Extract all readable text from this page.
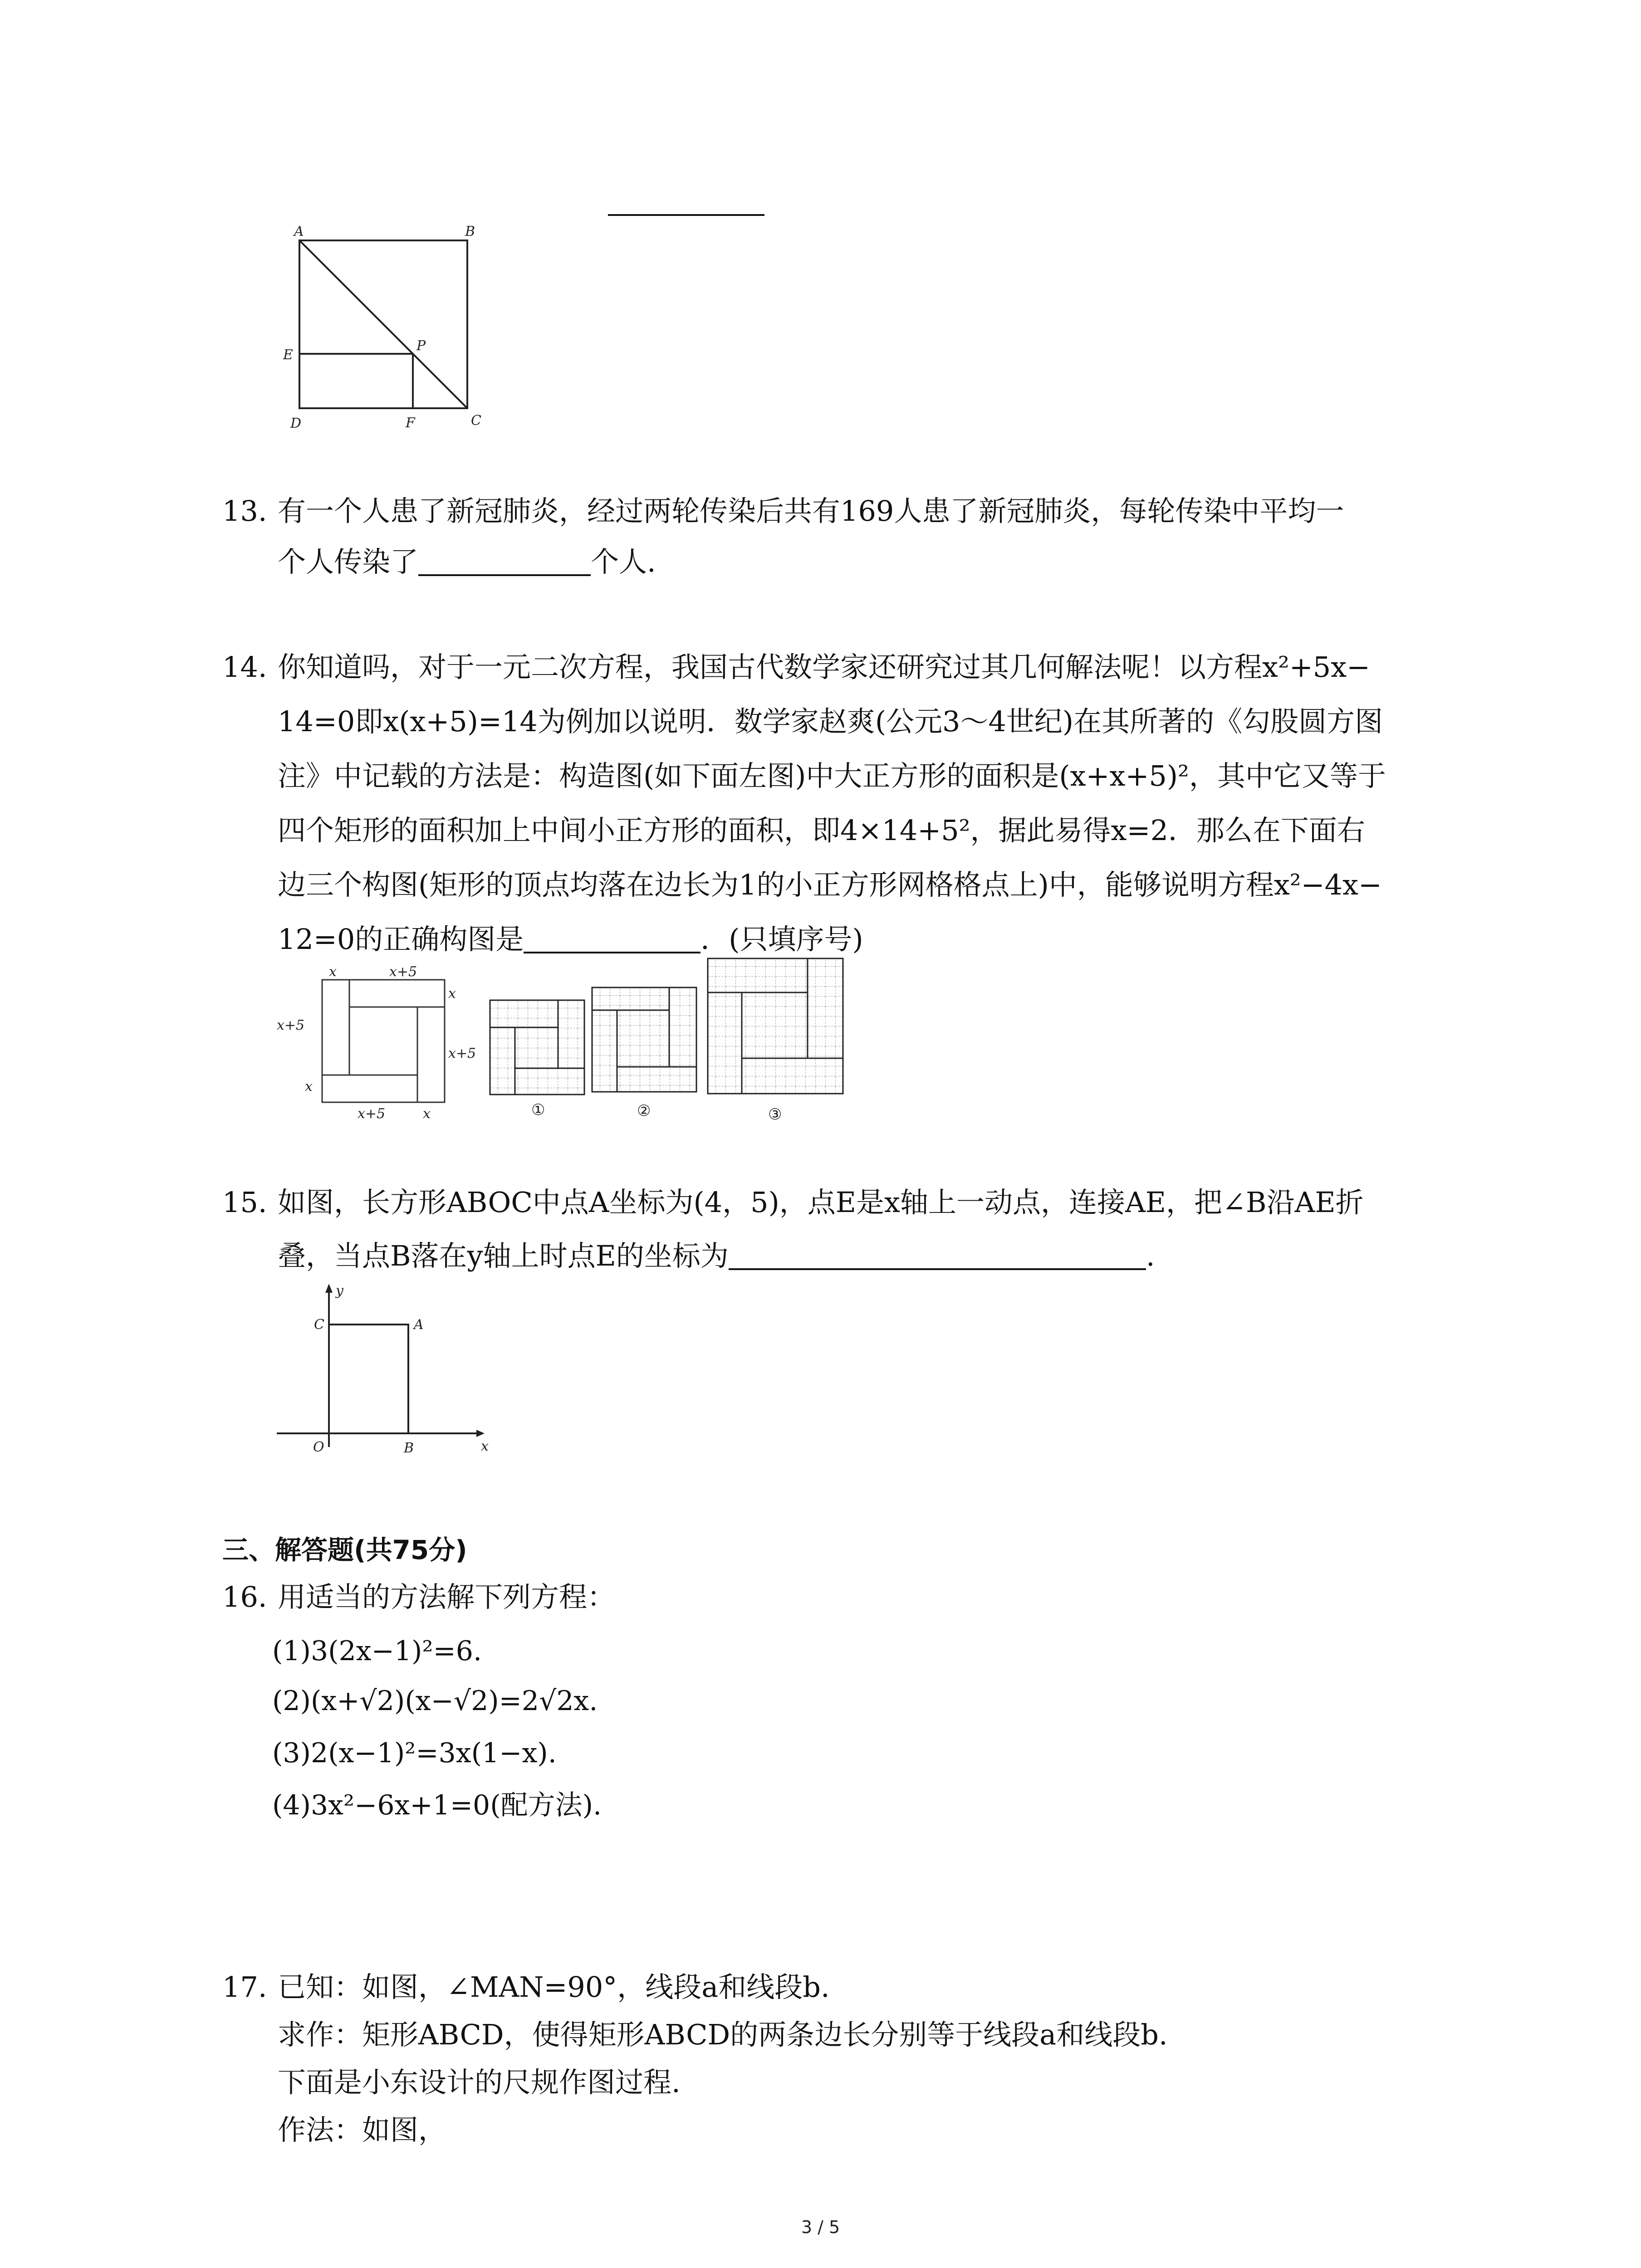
A	B
C
D
E
F
P
13. 有一个人患了新冠肺炎，经过两轮传染后共有169人患了新冠肺炎，每轮传染中平均一
个人传染了	个人.
14. 你知道吗，对于一元二次方程，我国古代数学家还研究过其几何解法呢！以方程x²+5x−
14=0即x(x+5)=14为例加以说明．数学家赵爽(公元3～4世纪)在其所著的《勾股圆方图
注》中记载的方法是：构造图(如下面左图)中大正方形的面积是(x+x+5)²，其中它又等于
四个矩形的面积加上中间小正方形的面积，即4×14+5²，据此易得x=2．那么在下面右
边三个构图(矩形的顶点均落在边长为1的小正方形网格格点上)中，能够说明方程x²−4x−
12=0的正确构图是	．(只填序号)
x	x+5
x
x+5
x+5
x
x+5	x	①	②	③
15. 如图，长方形ABOC中点A坐标为(4，5)，点E是x轴上一动点，连接AE，把∠B沿AE折
叠，当点B落在y轴上时点E的坐标为	.
y
x
C	A
O	B
三、解答题(共75分)
16. 用适当的方法解下列方程：
(1)3(2x−1)²=6.
(2)(x+√2)(x−√2)=2√2x.
(3)2(x−1)²=3x(1−x).
(4)3x²−6x+1=0(配方法).
17. 已知：如图，∠MAN=90°，线段a和线段b.
求作：矩形ABCD，使得矩形ABCD的两条边长分别等于线段a和线段b.
下面是小东设计的尺规作图过程.
作法：如图，
3 / 5
